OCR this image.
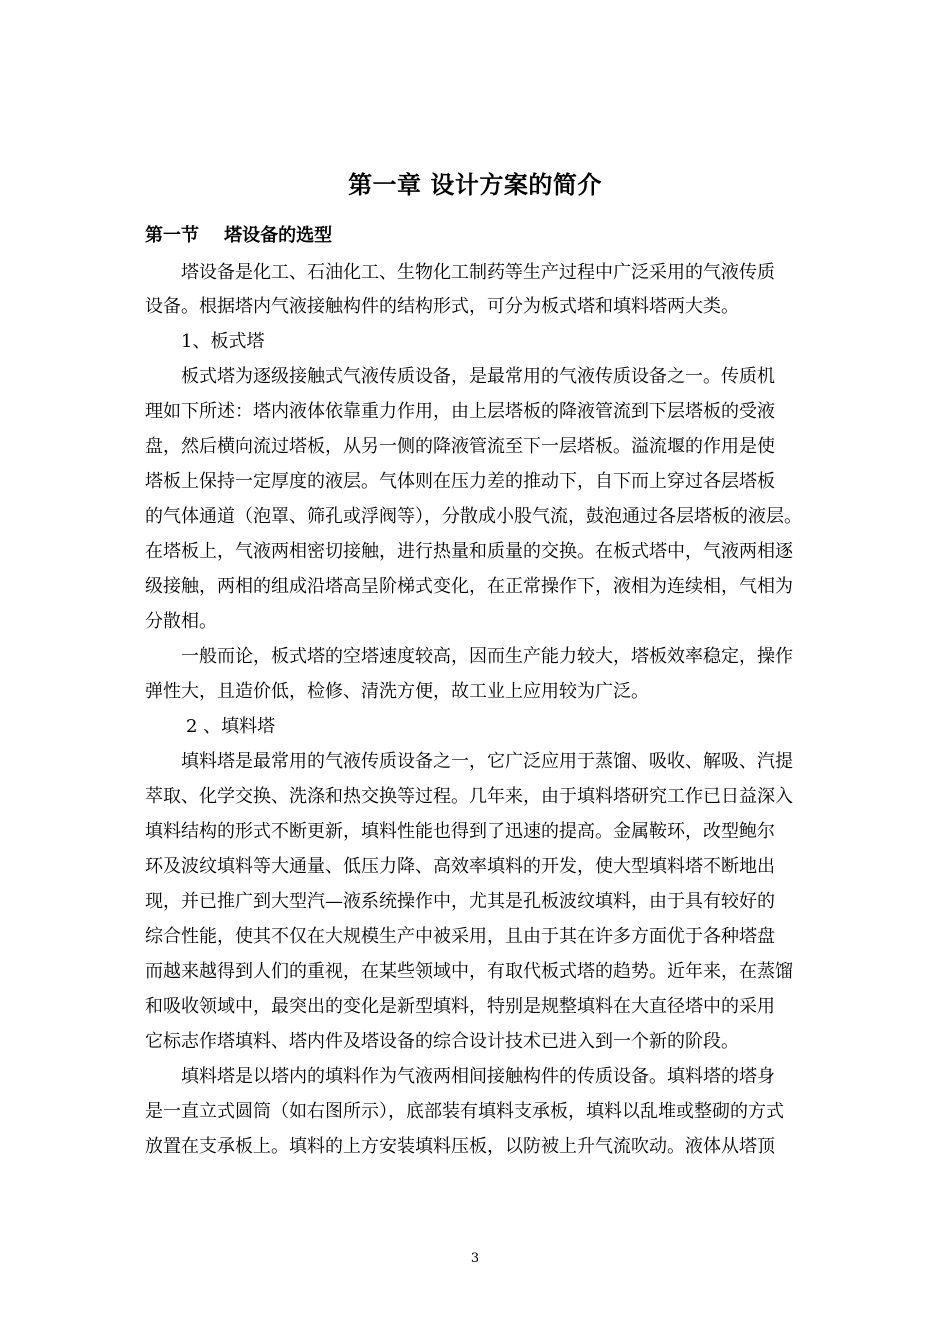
第一章 设计方案的简介
第一节    塔设备的选型
塔设备是化工、石油化工、生物化工制药等生产过程中广泛采用的气液传质
设备。根据塔内气液接触构件的结构形式，可分为板式塔和填料塔两大类。
1、板式塔
板式塔为逐级接触式气液传质设备，是最常用的气液传质设备之一。传质机
理如下所述：塔内液体依靠重力作用，由上层塔板的降液管流到下层塔板的受液
盘，然后横向流过塔板，从另一侧的降液管流至下一层塔板。溢流堰的作用是使
塔板上保持一定厚度的液层。气体则在压力差的推动下，自下而上穿过各层塔板
的气体通道（泡罩、筛孔或浮阀等），分散成小股气流，鼓泡通过各层塔板的液层。
在塔板上，气液两相密切接触，进行热量和质量的交换。在板式塔中，气液两相逐
级接触，两相的组成沿塔高呈阶梯式变化，在正常操作下，液相为连续相，气相为
分散相。
一般而论，板式塔的空塔速度较高，因而生产能力较大，塔板效率稳定，操作
弹性大，且造价低，检修、清洗方便，故工业上应用较为广泛。
2 、填料塔
填料塔是最常用的气液传质设备之一，它广泛应用于蒸馏、吸收、解吸、汽提
萃取、化学交换、洗涤和热交换等过程。几年来，由于填料塔研究工作已日益深入
填料结构的形式不断更新，填料性能也得到了迅速的提高。金属鞍环，改型鲍尔
环及波纹填料等大通量、低压力降、高效率填料的开发，使大型填料塔不断地出
现，并已推广到大型汽—液系统操作中，尤其是孔板波纹填料，由于具有较好的
综合性能，使其不仅在大规模生产中被采用，且由于其在许多方面优于各种塔盘
而越来越得到人们的重视，在某些领域中，有取代板式塔的趋势。近年来，在蒸馏
和吸收领域中，最突出的变化是新型填料，特别是规整填料在大直径塔中的采用
它标志作塔填料、塔内件及塔设备的综合设计技术已进入到一个新的阶段。
填料塔是以塔内的填料作为气液两相间接触构件的传质设备。填料塔的塔身
是一直立式圆筒（如右图所示），底部装有填料支承板，填料以乱堆或整砌的方式
放置在支承板上。填料的上方安装填料压板，以防被上升气流吹动。液体从塔顶
3
